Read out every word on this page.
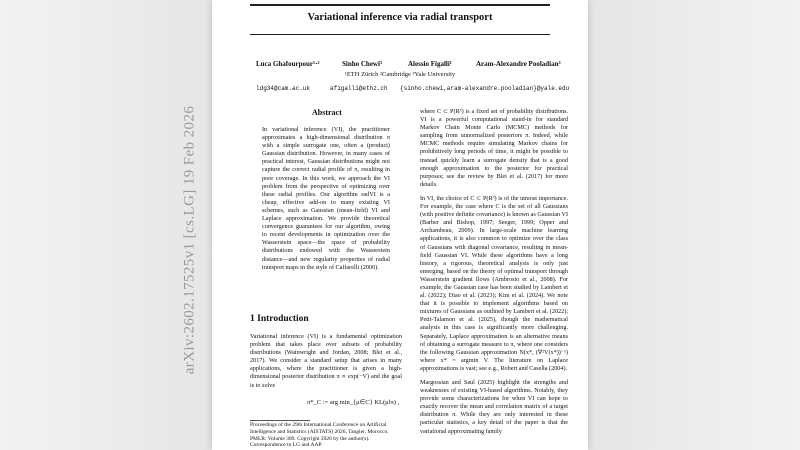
Variational inference via radial transport
Luca Ghafourpour¹·²	Sinho Chewi³	Alessio Figalli¹	Aram-Alexandre Pooladian³
¹ETH Zürich ²Cambridge ³Yale University
ldg34@cam.ac.uk	afigalli@ethz.ch {sinho.chewi,aram-alexandre.pooladian}@yale.edu
Abstract

In variational inference (VI), the practitioner approximates a high-dimensional distribution π with a simple surrogate one, often a (product) Gaussian distribution. However, in many cases of practical interest, Gaussian distributions might not capture the correct radial profile of π, resulting in poor coverage. In this work, we approach the VI problem from the perspective of optimizing over these radial profiles. Our algorithm radVI is a cheap, effective add-on to many existing VI schemes, such as Gaussian (mean-field) VI and Laplace approximation. We provide theoretical convergence guarantees for our algorithm, owing to recent developments in optimization over the Wasserstein space—the space of probability distributions endowed with the Wasserstein distance—and new regularity properties of radial transport maps in the style of Caffarelli (2000).

1 Introduction

Variational inference (VI) is a fundamental optimization problem that takes place over subsets of probability distributions (Wainwright and Jordan, 2008; Blei et al., 2017). We consider a standard setup that arises in many applications, where the practitioner is given a high-dimensional posterior distribution π ∝ exp(−V) and the goal is to solve

π*_C := arg min_{μ∈C} KL(μ‖π) ,
Proceedings of the 29th International Conference on Artificial Intelligence and Statistics (AISTATS) 2026, Tangier, Morocco. PMLR: Volume 300. Copyright 2026 by the author(s). Correspondence to LG and AAP.

where C ⊂ P(Rᵈ) is a fixed set of probability distributions. VI is a powerful computational stand-in for standard Markov Chain Monte Carlo (MCMC) methods for sampling from unnormalized posteriors π. Indeed, while MCMC methods require simulating Markov chains for prohibitively long periods of time, it might be possible to instead quickly learn a surrogate density that is a good enough approximation to the posterior for practical purposes; see the review by Blei et al. (2017) for more details.

In VI, the choice of C ⊂ P(Rᵈ) is of the utmost importance. For example, the case where C is the set of all Gaussians (with positive definite covariance) is known as Gaussian VI (Barber and Bishop, 1997; Seeger, 1999; Opper and Archambeau, 2009). In large-scale machine learning applications, it is also common to optimize over the class of Gaussians with diagonal covariance, resulting in mean-field Gaussian VI. While these algorithms have a long history, a rigorous, theoretical analysis is only just emerging, based on the theory of optimal transport through Wasserstein gradient flows (Ambrosio et al., 2008). For example, the Gaussian case has been studied by Lambert et al. (2022); Diao et al. (2023); Kim et al. (2024). We note that it is possible to implement algorithms based on mixtures of Gaussians as outlined by Lambert et al. (2022); Petit-Talamon et al. (2025), though the mathematical analysis in this case is significantly more challenging. Separately, Laplace approximation is an alternative means of obtaining a surrogate measure to π, where one considers the following Gaussian approximation N(x*, (∇²V(x*))⁻¹) where x* = argmin V. The literature on Laplace approximations is vast; see e.g., Robert and Casella (2004).

Margossian and Saul (2025) highlight the strengths and weaknesses of existing VI-based algorithms. Notably, they provide some characterizations for when VI can hope to exactly recover the mean and correlation matrix of a target distribution π. While they are only interested in these particular statistics, a key detail of the paper is that the variational approximating family

arXiv:2602.17525v1 [cs.LG] 19 Feb 2026
